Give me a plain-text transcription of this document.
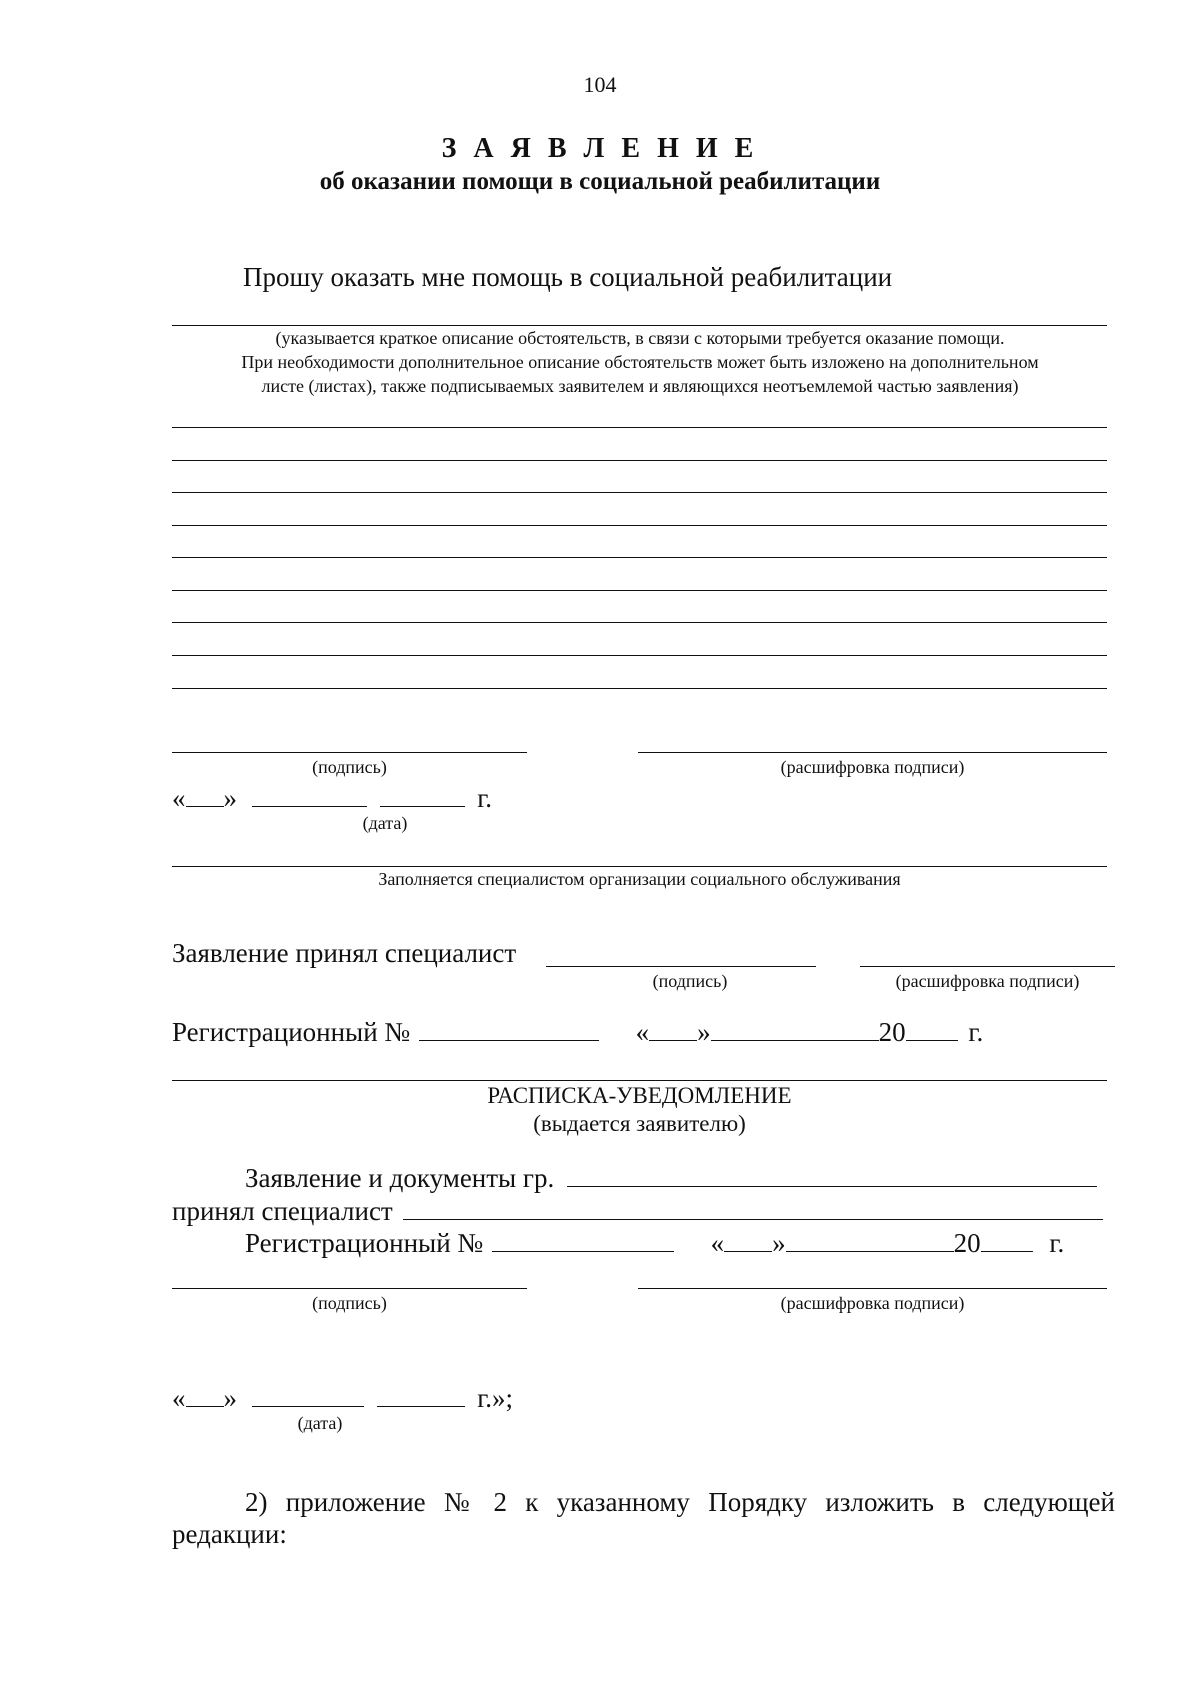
104
З А Я В Л Е Н И Е
об оказании помощи в социальной реабилитации
Прошу оказать мне помощь в социальной реабилитации
(указывается краткое описание обстоятельств, в связи с которыми требуется оказание помощи.
При необходимости дополнительное описание обстоятельств может быть изложено на дополнительном
листе (листах), также подписываемых заявителем и являющихся неотъемлемой частью заявления)
(подпись)	(расшифровка подписи)
« »	г.
(дата)
Заполняется специалистом организации социального обслуживания
Заявление принял специалист
(подпись)	(расшифровка подписи)
Регистрационный №	« »	20 г.
РАСПИСКА-УВЕДОМЛЕНИЕ
(выдается заявителю)
Заявление и документы гр.
принял специалист
Регистрационный №	« »	20	г.
(подпись)	(расшифровка подписи)
« »	г.»;
(дата)
2) приложение № 2 к указанному Порядку изложить в следующей
редакции:
